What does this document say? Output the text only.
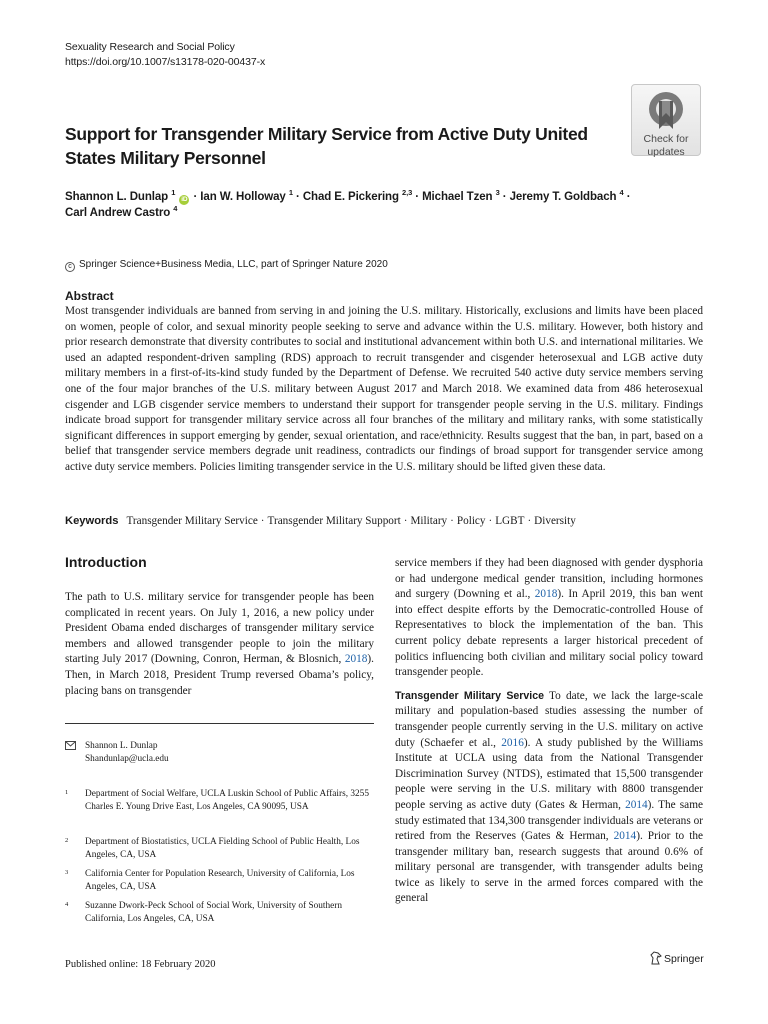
Sexuality Research and Social Policy
https://doi.org/10.1007/s13178-020-00437-x
Check for
updates
Support for Transgender Military Service from Active Duty United States Military Personnel
Shannon L. Dunlap $^1$ iD · Ian W. Holloway $^1$ · Chad E. Pickering $^{2,3}$ · Michael Tzen $^3$ · Jeremy T. Goldbach $^4$ ·
Carl Andrew Castro $^4$
c Springer Science+Business Media, LLC, part of Springer Nature 2020
Abstract

Most transgender individuals are banned from serving in and joining the U.S. military. Historically, exclusions and limits have been placed on women, people of color, and sexual minority people seeking to serve and advance within the U.S. military. However, both history and prior research demonstrate that diversity contributes to social and institutional advancement within both U.S. and international militaries. We used an adapted respondent-driven sampling (RDS) approach to recruit transgender and cisgender heterosexual and LGB active duty military members in a first-of-its-kind study funded by the Department of Defense. We recruited 540 active duty service members serving one of the four major branches of the U.S. military between August 2017 and March 2018. We examined data from 486 heterosexual cisgender and LGB cisgender service members to understand their support for transgender people serving in the U.S. military. Findings indicate broad support for transgender military service across all four branches of the military and military ranks, with some statistically significant differences in support emerging by gender, sexual orientation, and race/ethnicity. Results suggest that the ban, in part, based on a belief that transgender service members degrade unit readiness, contradicts our findings of broad support for transgender service among active duty service members. Policies limiting transgender service in the U.S. military should be lifted given these data.

Keywords Transgender Military Service · Transgender Military Support · Military · Policy · LGBT · Diversity
Introduction

The path to U.S. military service for transgender people has been complicated in recent years. On July 1, 2016, a new policy under President Obama ended discharges of transgender military service members and allowed transgender people to join the military starting July 2017 (Downing, Conron, Herman, & Blosnich, 2018). Then, in March 2018, President Trump reversed Obama’s policy, placing bans on transgender

Shannon L. Dunlap
Shandunlap@ucla.edu
1 Department of Social Welfare, UCLA Luskin School of Public Affairs, 3255 Charles E. Young Drive East, Los Angeles, CA 90095, USA
2 Department of Biostatistics, UCLA Fielding School of Public Health, Los Angeles, CA, USA
3 California Center for Population Research, University of California, Los Angeles, CA, USA
4 Suzanne Dwork-Peck School of Social Work, University of Southern California, Los Angeles, CA, USA

service members if they had been diagnosed with gender dysphoria or had undergone medical gender transition, including hormones and surgery (Downing et al., 2018). In April 2019, this ban went into effect despite efforts by the Democratic-controlled House of Representatives to block the implementation of the ban. This current policy debate represents a larger historical precedent of politics influencing both civilian and military social policy toward transgender people.

Transgender Military Service To date, we lack the large-scale military and population-based studies assessing the number of transgender people currently serving in the U.S. military on active duty (Schaefer et al., 2016). A study published by the Williams Institute at UCLA using data from the National Transgender Discrimination Survey (NTDS), estimated that 15,500 transgender people were serving in the U.S. military with 8800 transgender people serving as active duty (Gates & Herman, 2014). The same study estimated that 134,300 transgender individuals are veterans or retired from the Reserves (Gates & Herman, 2014). Prior to the transgender military ban, research suggests that around 0.6% of military personal are transgender, with transgender adults being twice as likely to serve in the armed forces compared with the general

Published online: 18 February 2020	Springer
